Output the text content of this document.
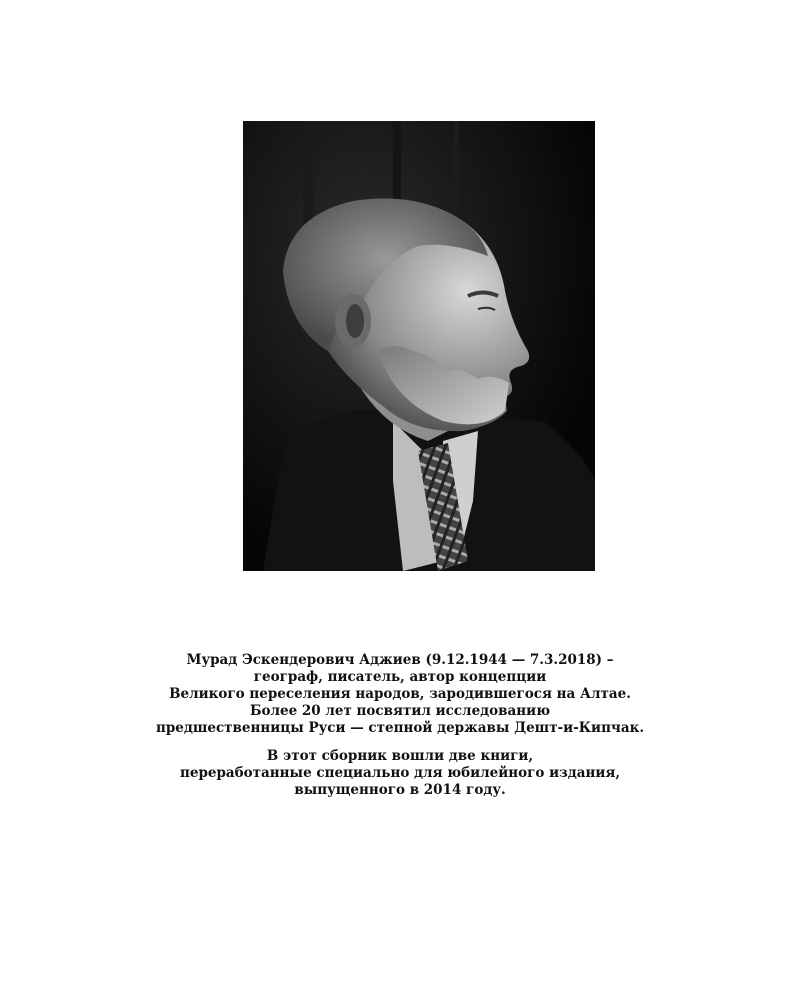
Мурад Эскендерович Аджиев (9.12.1944 — 7.3.2018) –
географ, писатель, автор концепции
Великого переселения народов, зародившегося на Алтае.
Более 20 лет посвятил исследованию
предшественницы Руси — степной державы Дешт-и-Кипчак.

В этот сборник вошли две книги,
переработанные специально для юбилейного издания,
выпущенного в 2014 году.
